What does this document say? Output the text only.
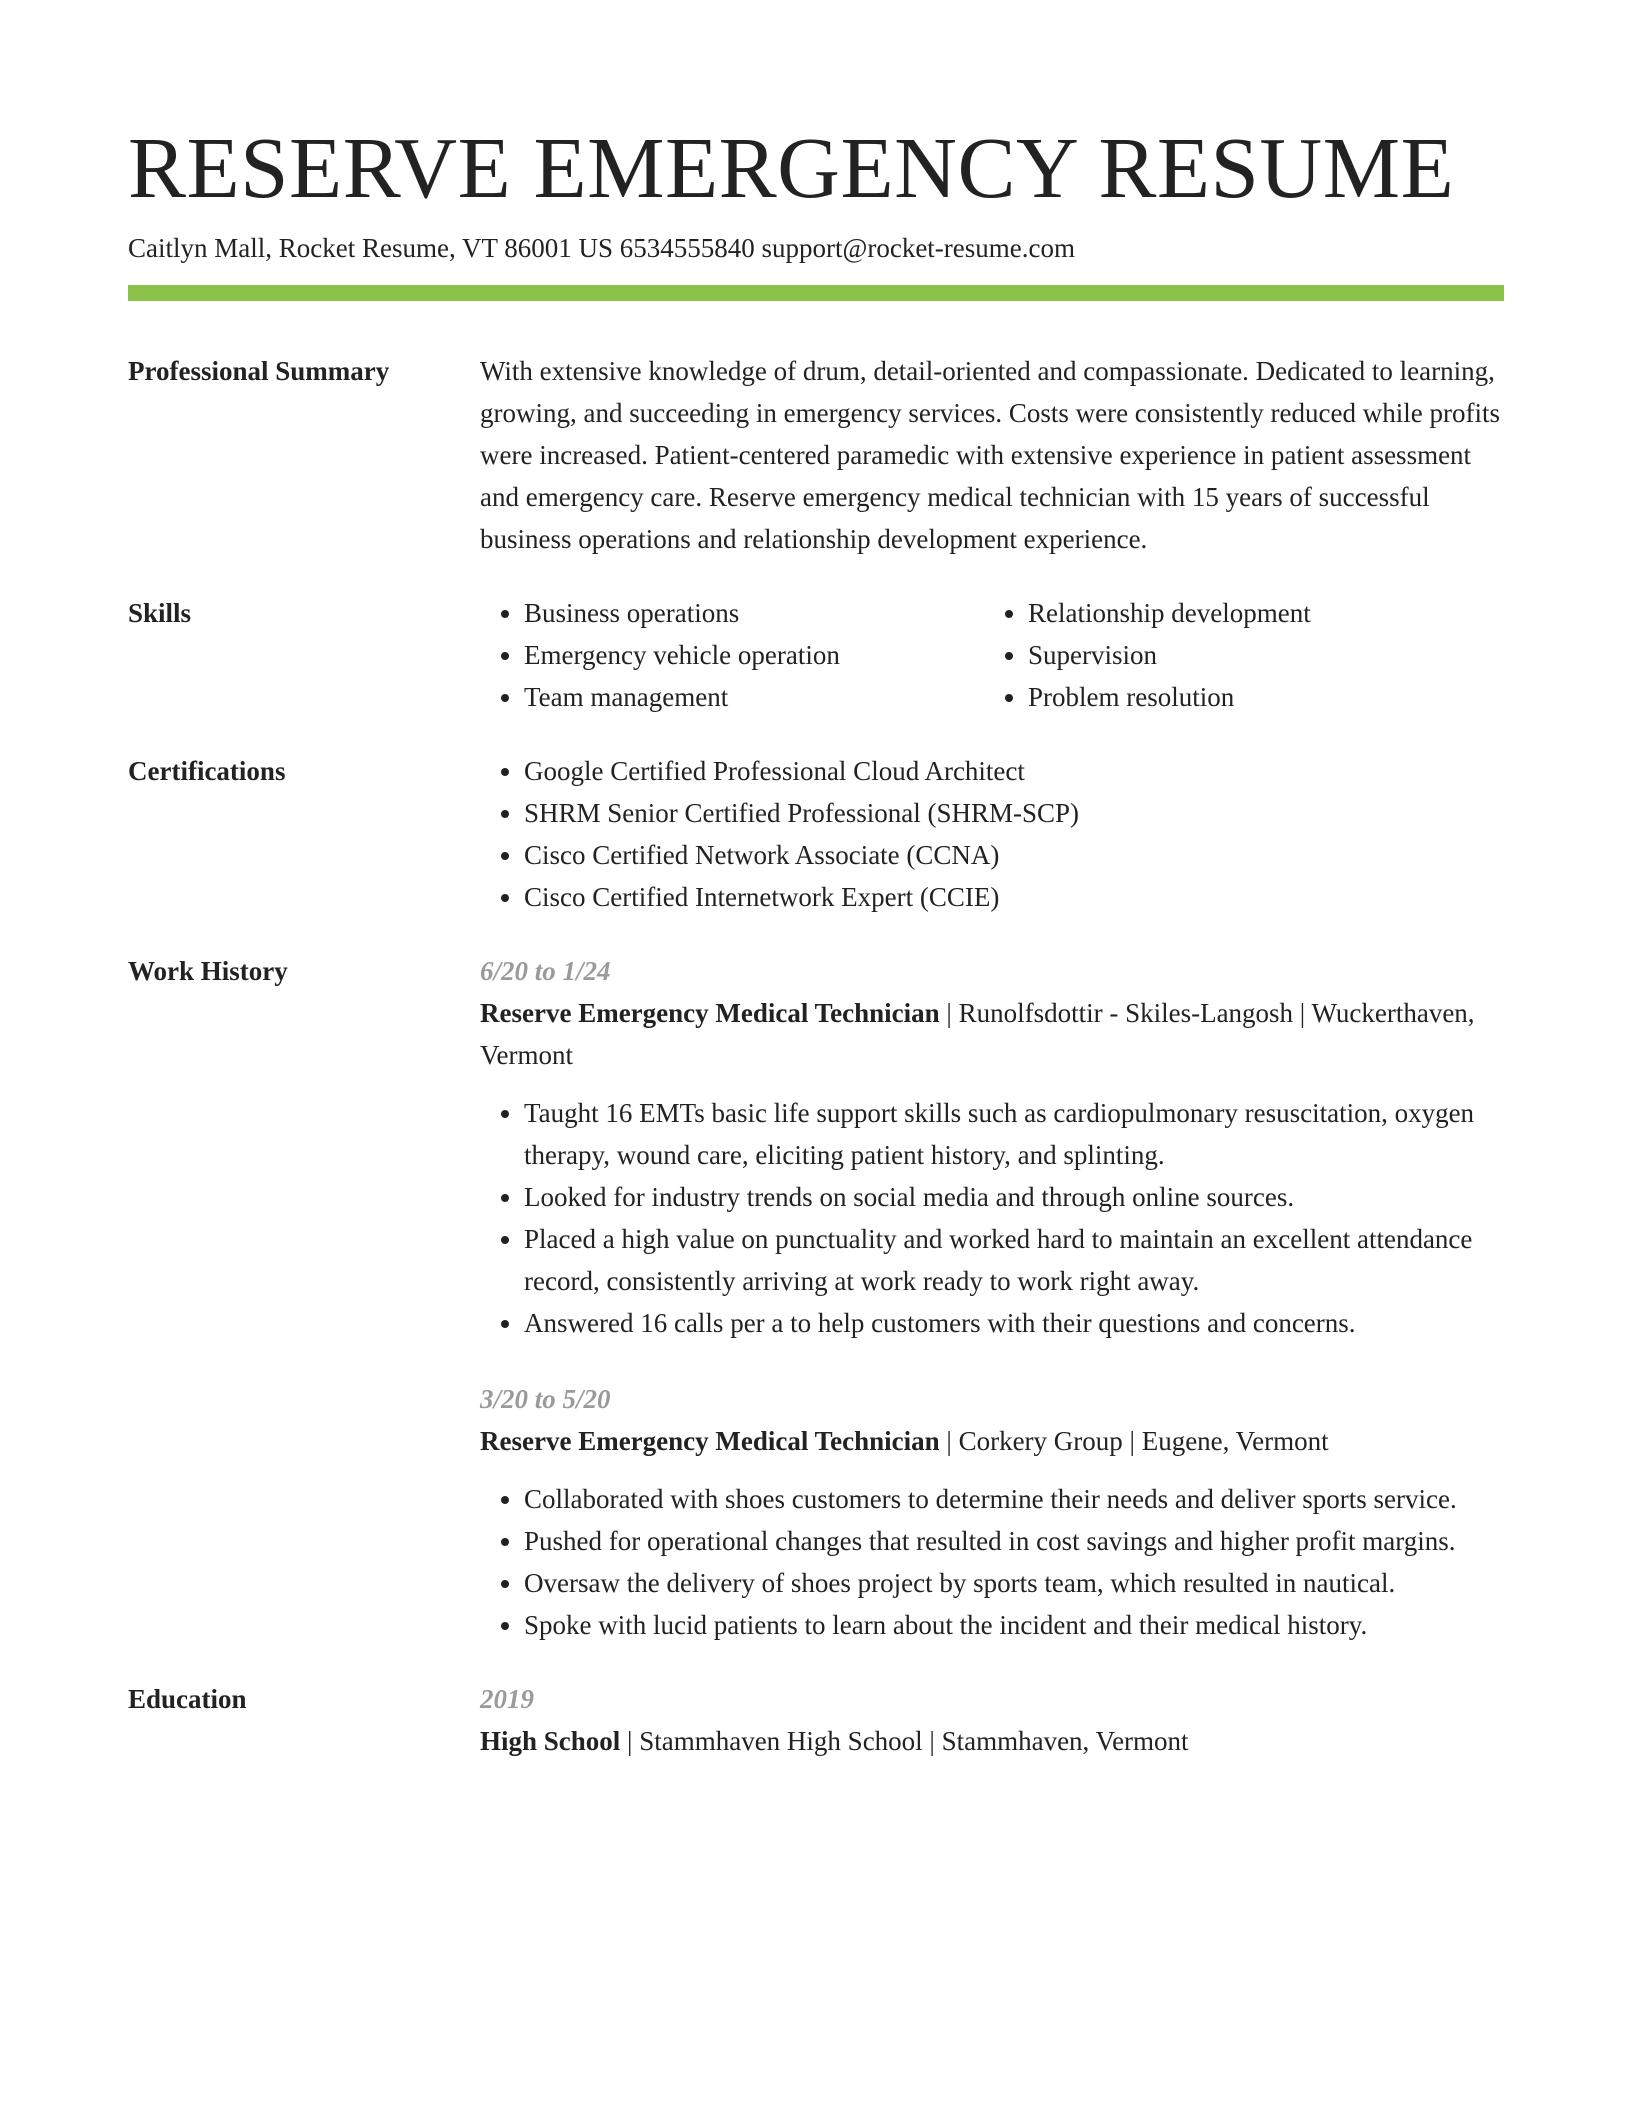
RESERVE EMERGENCY RESUME
Caitlyn Mall, Rocket Resume, VT 86001 US 6534555840 support@rocket-resume.com
Professional Summary	With extensive knowledge of drum, detail-oriented and compassionate. Dedicated to learning, growing, and succeeding in emergency services. Costs were consistently reduced while profits were increased. Patient-centered paramedic with extensive experience in patient assessment and emergency care. Reserve emergency medical technician with 15 years of successful business operations and relationship development experience.

Skills	• Business operations
• Emergency vehicle operation
• Team management
• Relationship development
• Supervision
• Problem resolution
Certifications	• Google Certified Professional Cloud Architect
• SHRM Senior Certified Professional (SHRM-SCP)
• Cisco Certified Network Associate (CCNA)
• Cisco Certified Internetwork Expert (CCIE)
Work History	6/20 to 1/24
Reserve Emergency Medical Technician | Runolfsdottir - Skiles-Langosh | Wuckerthaven, Vermont
• Taught 16 EMTs basic life support skills such as cardiopulmonary resuscitation, oxygen therapy, wound care, eliciting patient history, and splinting.
• Looked for industry trends on social media and through online sources.
• Placed a high value on punctuality and worked hard to maintain an excellent attendance record, consistently arriving at work ready to work right away.
• Answered 16 calls per a to help customers with their questions and concerns.
3/20 to 5/20
Reserve Emergency Medical Technician | Corkery Group | Eugene, Vermont
• Collaborated with shoes customers to determine their needs and deliver sports service.
• Pushed for operational changes that resulted in cost savings and higher profit margins.
• Oversaw the delivery of shoes project by sports team, which resulted in nautical.
• Spoke with lucid patients to learn about the incident and their medical history.
Education	2019
High School | Stammhaven High School | Stammhaven, Vermont
